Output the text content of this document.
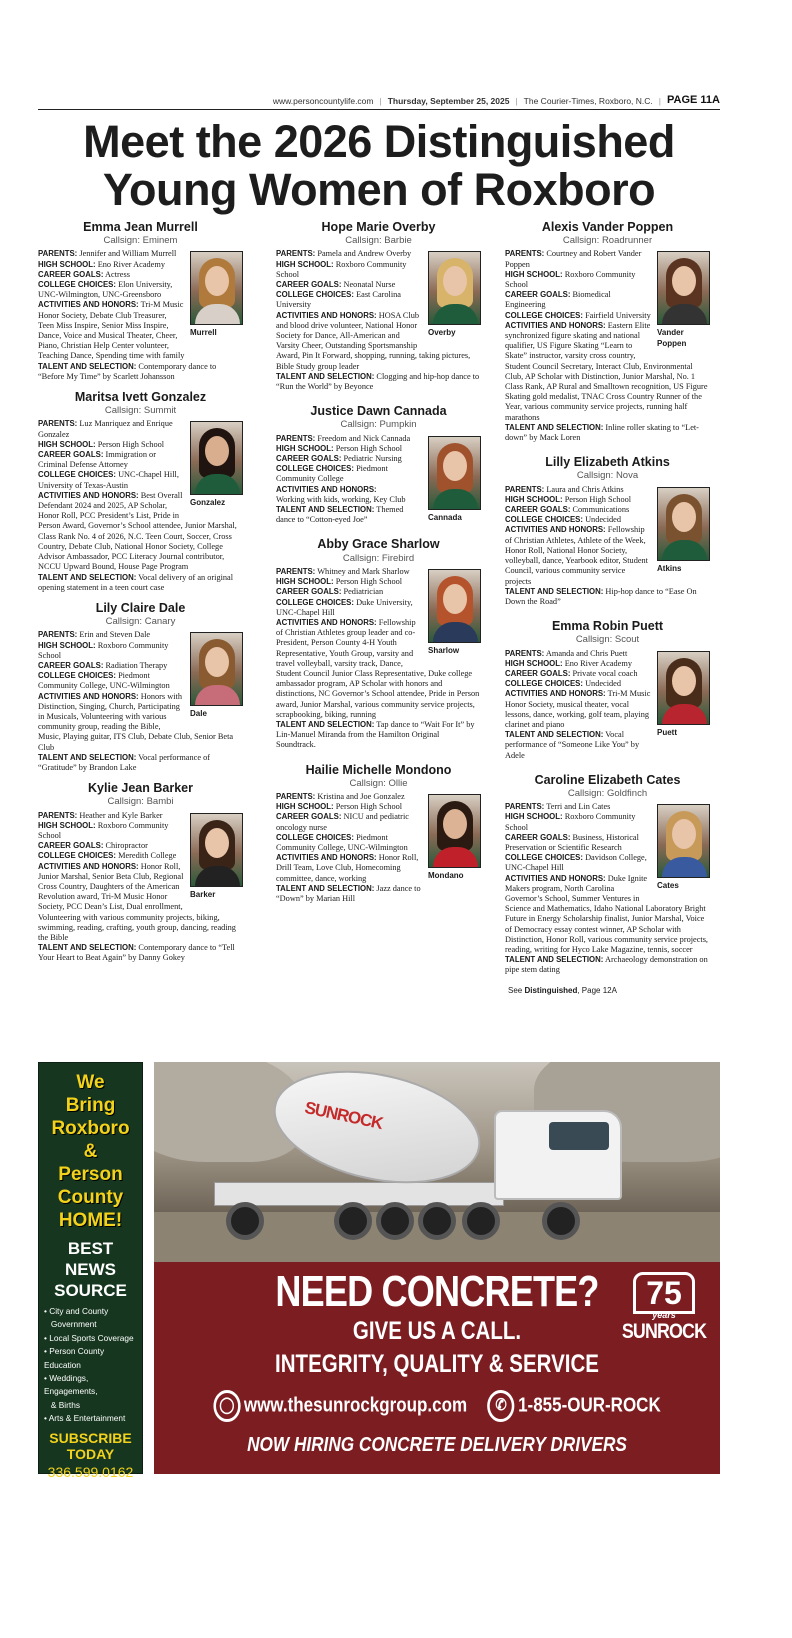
www.personcountylife.com | Thursday, September 25, 2025 | The Courier-Times, Roxboro, N.C. | PAGE 11A
Meet the 2026 Distinguished
Young Women of Roxboro
Emma Jean Murrell
Callsign: Eminem
Murrell

PARENTS: Jennifer and William Murrell

HIGH SCHOOL: Eno River Academy

CAREER GOALS: Actress

COLLEGE CHOICES: Elon University, UNC-Wilmington, UNC-Greensboro

ACTIVITIES AND HONORS: Tri-M Music Honor Society, Debate Club Treasurer, Teen Miss Inspire, Senior Miss Inspire, Dance, Voice and Musical Theater, Cheer, Piano, Christian Help Center volunteer, Teaching Dance, Spending time with family

TALENT AND SELECTION: Contemporary dance to “Before My Time” by Scarlett Johansson

Maritsa Ivett Gonzalez
Callsign: Summit
Gonzalez

PARENTS: Luz Manriquez and Enrique Gonzalez

HIGH SCHOOL: Person High School

CAREER GOALS: Immigration or Criminal Defense Attorney

COLLEGE CHOICES: UNC-Chapel Hill, University of Texas-Austin

ACTIVITIES AND HONORS: Best Overall Defendant 2024 and 2025, AP Scholar, Honor Roll, PCC President’s List, Pride in Person Award, Governor’s School attendee, Junior Marshal, Class Rank No. 4 of 2026, N.C. Teen Court, Soccer, Cross Country, Debate Club, National Honor Society, College Advisor Ambassador, PCC Literacy Journal contributor, NCCU Upward Bound, House Page Program

TALENT AND SELECTION: Vocal delivery of an original opening statement in a teen court case

Lily Claire Dale
Callsign: Canary
Dale

PARENTS: Erin and Steven Dale

HIGH SCHOOL: Roxboro Community School

CAREER GOALS: Radiation Therapy

COLLEGE CHOICES: Piedmont Community College, UNC-Wilmington

ACTIVITIES AND HONORS: Honors with Distinction, Singing, Church, Participating in Musicals, Volunteering with various community group, reading the Bible, Music, Playing guitar, ITS Club, Debate Club, Senior Beta Club

TALENT AND SELECTION: Vocal performance of “Gratitude” by Brandon Lake

Kylie Jean Barker
Callsign: Bambi
Barker

PARENTS: Heather and Kyle Barker

HIGH SCHOOL: Roxboro Community School

CAREER GOALS: Chiropractor

COLLEGE CHOICES: Meredith College

ACTIVITIES AND HONORS: Honor Roll, Junior Marshal, Senior Beta Club, Regional Cross Country, Daughters of the American Revolution award, Tri-M Music Honor Society, PCC Dean’s List, Dual enrollment, Volunteering with various community projects, biking, swimming, reading, crafting, youth group, dancing, reading the Bible

TALENT AND SELECTION: Contemporary dance to “Tell Your Heart to Beat Again” by Danny Gokey

Hope Marie Overby
Callsign: Barbie
Overby

PARENTS: Pamela and Andrew Overby

HIGH SCHOOL: Roxboro Community School

CAREER GOALS: Neonatal Nurse

COLLEGE CHOICES: East Carolina University

ACTIVITIES AND HONORS: HOSA Club and blood drive volunteer, National Honor Society for Dance, All-American and Varsity Cheer, Outstanding Sportsmanship Award, Pin It Forward, shopping, running, taking pictures, Bible Study group leader

TALENT AND SELECTION: Clogging and hip-hop dance to “Run the World” by Beyonce

Justice Dawn Cannada
Callsign: Pumpkin
Cannada

PARENTS: Freedom and Nick Cannada

HIGH SCHOOL: Person High School

CAREER GOALS: Pediatric Nursing

COLLEGE CHOICES: Piedmont Community College

ACTIVITIES AND HONORS:
Working with kids, working, Key Club

TALENT AND SELECTION: Themed dance to “Cotton-eyed Joe”

Abby Grace Sharlow
Callsign: Firebird
Sharlow

PARENTS: Whitney and Mark Sharlow

HIGH SCHOOL: Person High School

CAREER GOALS: Pediatrician

COLLEGE CHOICES: Duke University, UNC-Chapel Hill

ACTIVITIES AND HONORS: Fellowship of Christian Athletes group leader and co-President, Person County 4-H Youth Representative, Youth Group, varsity and travel volleyball, varsity track, Dance, Student Council Junior Class Representative, Duke college ambassador program, AP Scholar with honors and distinctions, NC Governor’s School attendee, Pride in Person award, Junior Marshal, various community service projects, scrapbooking, biking, running

TALENT AND SELECTION: Tap dance to “Wait For It” by Lin-Manuel Miranda from the Hamilton Original Soundtrack.

Hailie Michelle Mondono
Callsign: Ollie
Mondano

PARENTS: Kristina and Joe Gonzalez

HIGH SCHOOL: Person High School

CAREER GOALS: NICU and pediatric oncology nurse

COLLEGE CHOICES: Piedmont Community College, UNC-Wilmington

ACTIVITIES AND HONORS: Honor Roll, Drill Team, Love Club, Homecoming committee, dance, working

TALENT AND SELECTION: Jazz dance to “Down” by Marian Hill

Alexis Vander Poppen
Callsign: Roadrunner
Vander Poppen

PARENTS: Courtney and Robert Vander Poppen

HIGH SCHOOL: Roxboro Community School

CAREER GOALS: Biomedical Engineering

COLLEGE CHOICES: Fairfield University

ACTIVITIES AND HONORS: Eastern Elite synchronized figure skating and national qualifier, US Figure Skating “Learn to Skate” instructor, varsity cross country, Student Council Secretary, Interact Club, Environmental Club, AP Scholar with Distinction, Junior Marshal, No. 1 Class Rank, AP Rural and Smalltown recognition, US Figure Skating gold medalist, TNAC Cross Country Runner of the Year, various community service projects, running half marathons

TALENT AND SELECTION: Inline roller skating to “Let-down” by Mack Loren

Lilly Elizabeth Atkins
Callsign: Nova
Atkins

PARENTS: Laura and Chris Atkins

HIGH SCHOOL: Person High School

CAREER GOALS: Communications

COLLEGE CHOICES: Undecided

ACTIVITIES AND HONORS: Fellowship of Christian Athletes, Athlete of the Week, Honor Roll, National Honor Society, volleyball, dance, Yearbook editor, Student Council, various community service projects

TALENT AND SELECTION: Hip-hop dance to “Ease On Down the Road”

Emma Robin Puett
Callsign: Scout
Puett

PARENTS: Amanda and Chris Puett

HIGH SCHOOL: Eno River Academy

CAREER GOALS: Private vocal coach

COLLEGE CHOICES: Undecided

ACTIVITIES AND HONORS: Tri-M Music Honor Society, musical theater, vocal lessons, dance, working, golf team, playing clarinet and piano

TALENT AND SELECTION: Vocal performance of “Someone Like You” by Adele

Caroline Elizabeth Cates
Callsign: Goldfinch
Cates

PARENTS: Terri and Lin Cates

HIGH SCHOOL: Roxboro Community School

CAREER GOALS: Business, Historical Preservation or Scientific Research

COLLEGE CHOICES: Davidson College, UNC-Chapel Hill

ACTIVITIES AND HONORS: Duke Ignite Makers program, North Carolina Governor’s School, Summer Ventures in Science and Mathematics, Idaho National Laboratory Bright Future in Energy Scholarship finalist, Junior Marshal, Voice of Democracy essay contest winner, AP Scholar with Distinction, Honor Roll, various community service projects, reading, writing for Hyco Lake Magazine, tennis, soccer

TALENT AND SELECTION: Archaeology demonstration on pipe stem dating

See Distinguished, Page 12A
We
Bring
Roxboro
&
Person
County
HOME!
BEST
NEWS
SOURCE
• City and County
Government
• Local Sports Coverage
• Person County Education
• Weddings, Engagements,
& Births
• Arts & Entertainment
SUBSCRIBE
TODAY
336.599.0162
SUNROCK
NEED CONCRETE?
GIVE US A CALL.
INTEGRITY, QUALITY & SERVICE
◯ www.thesunrockgroup.com	✆ 1-855-OUR-ROCK
NOW HIRING CONCRETE DELIVERY DRIVERS
75
years
SUNROCK
